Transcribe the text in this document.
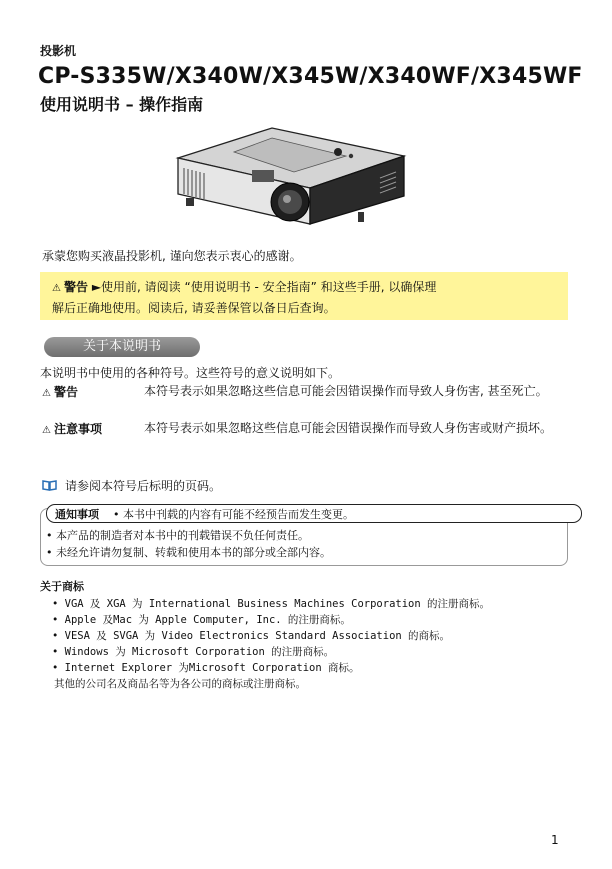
投影机
CP-S335W/X340W/X345W/X340WF/X345WF
使用说明书 – 操作指南
承蒙您购买液晶投影机, 谨向您表示衷心的感谢。
⚠ 警告 ►使用前, 请阅读 “使用说明书 - 安全指南” 和这些手册, 以确保理
解后正确地使用。阅读后, 请妥善保管以备日后查询。
关于本说明书
本说明书中使用的各种符号。这些符号的意义说明如下。
⚠ 警告	本符号表示如果忽略这些信息可能会因错误操作而导致人身伤害, 甚至死亡。
⚠ 注意事项	本符号表示如果忽略这些信息可能会因错误操作而导致人身伤害或财产损坏。
请参阅本符号后标明的页码。
通知事项 • 本书中刊载的内容有可能不经预告而发生变更。
• 本产品的制造者对本书中的刊载错误不负任何责任。
• 未经允许请勿复制、转载和使用本书的部分或全部内容。
关于商标
• VGA 及 XGA 为 International Business Machines Corporation 的注册商标。
• Apple 及Mac 为 Apple Computer, Inc. 的注册商标。
• VESA 及 SVGA 为 Video Electronics Standard Association 的商标。
• Windows 为 Microsoft Corporation 的注册商标。
• Internet Explorer 为Microsoft Corporation 商标。
其他的公司名及商品名等为各公司的商标或注册商标。
1
